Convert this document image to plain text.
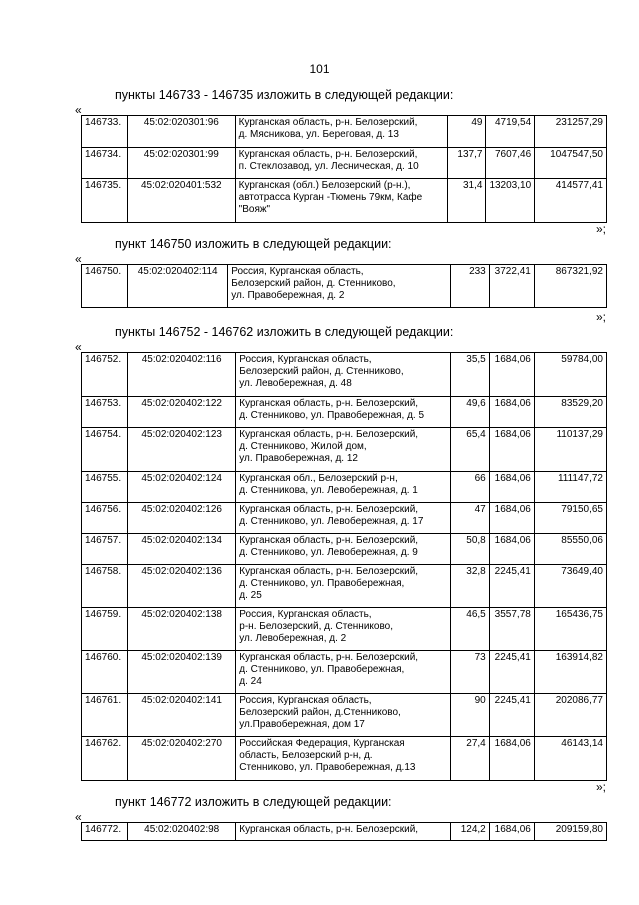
101
пункты 146733 - 146735 изложить в следующей редакции:
«
146733.	45:02:020301:96	Курганская область, р-н. Белозерский,
д. Мясникова, ул. Береговая, д. 13	49	4719,54	231257,29
146734.	45:02:020301:99	Курганская область, р-н. Белозерский,
п. Стеклозавод, ул. Лесническая, д. 10	137,7	7607,46	1047547,50
146735.	45:02:020401:532	Курганская (обл.) Белозерский (р-н.),
автотрасса Курган -Тюмень 79км, Кафе
"Вояж"	31,4	13203,10	414577,41
»;
пункт 146750 изложить в следующей редакции:
«
146750.	45:02:020402:114	Россия, Курганская область,
Белозерский район, д. Стенниково,
ул. Правобережная, д. 2
	233	3722,41	867321,92
»;
пункты 146752 - 146762 изложить в следующей редакции:
«
146752.	45:02:020402:116	Россия, Курганская область,
Белозерский район, д. Стенниково,
ул. Левобережная, д. 48	35,5	1684,06	59784,00
146753.	45:02:020402:122	Курганская область, р-н. Белозерский,
д. Стенниково, ул. Правобережная, д. 5	49,6	1684,06	83529,20
146754.	45:02:020402:123	Курганская область, р-н. Белозерский,
д. Стенниково, Жилой дом,
ул. Правобережная, д. 12	65,4	1684,06	110137,29
146755.	45:02:020402:124	Курганская обл., Белозерский р-н,
д. Стенникова, ул. Левобережная, д. 1	66	1684,06	111147,72
146756.	45:02:020402:126	Курганская область, р-н. Белозерский,
д. Стенниково, ул. Левобережная, д. 17	47	1684,06	79150,65
146757.	45:02:020402:134	Курганская область, р-н. Белозерский,
д. Стенниково, ул. Левобережная, д. 9	50,8	1684,06	85550,06
146758.	45:02:020402:136	Курганская область, р-н. Белозерский,
д. Стенниково, ул. Правобережная,
д. 25	32,8	2245,41	73649,40
146759.	45:02:020402:138	Россия, Курганская область,
р-н. Белозерский, д. Стенниково,
ул. Левобережная, д. 2	46,5	3557,78	165436,75
146760.	45:02:020402:139	Курганская область, р-н. Белозерский,
д. Стенниково, ул. Правобережная,
д. 24	73	2245,41	163914,82
146761.	45:02:020402:141	Россия, Курганская область,
Белозерский район, д.Стенниково,
ул.Правобережная, дом 17	90	2245,41	202086,77
146762.	45:02:020402:270	Российская Федерация, Курганская
область, Белозерский р-н, д.
Стенниково, ул. Правобережная, д.13	27,4	1684,06	46143,14
»;
пункт 146772 изложить в следующей редакции:
«
146772.	45:02:020402:98	Курганская область, р-н. Белозерский,	124,2	1684,06	209159,80
